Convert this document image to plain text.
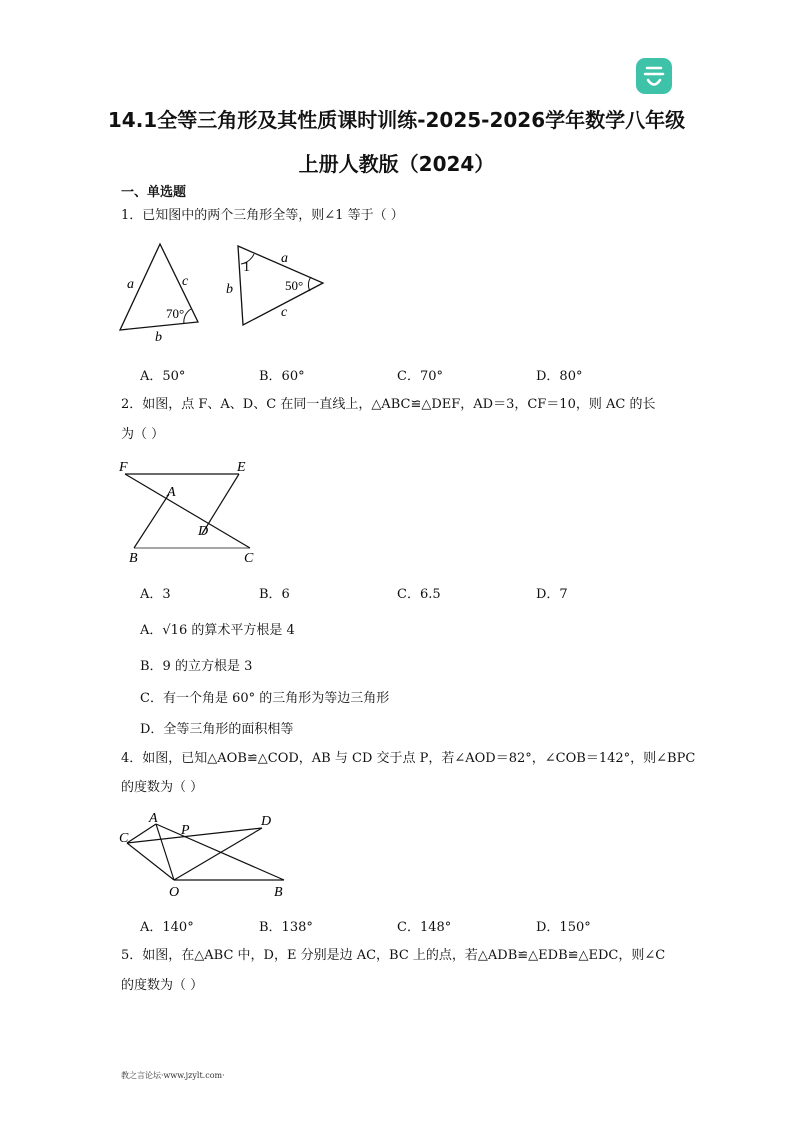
14.1全等三角形及其性质课时训练-2025-2026学年数学八年级
上册人教版（2024）
一、单选题
1．已知图中的两个三角形全等，则∠1 等于（ ）
a	c
b
70°
1
a
b	50°
c
A．50°	B．60°	C．70°	D．80°
2．如图，点 F、A、D、C 在同一直线上，△ABC≌△DEF，AD＝3，CF＝10，则 AC 的长
为（ ）
F	E
A
D
B	C
A．3	B．6	C．6.5	D．7
A．√16 的算术平方根是 4
B．9 的立方根是 3
C．有一个角是 60° 的三角形为等边三角形
D．全等三角形的面积相等
4．如图，已知△AOB≌△COD，AB 与 CD 交于点 P，若∠AOD＝82°，∠COB＝142°，则∠BPC
的度数为（ ）
C
A
P
D
O	B
A．140°	B．138°	C．148°	D．150°
5．如图，在△ABC 中，D，E 分别是边 AC，BC 上的点，若△ADB≌△EDB≌△EDC，则∠C
的度数为（ ）
教之言论坛·www.jzylt.com·
